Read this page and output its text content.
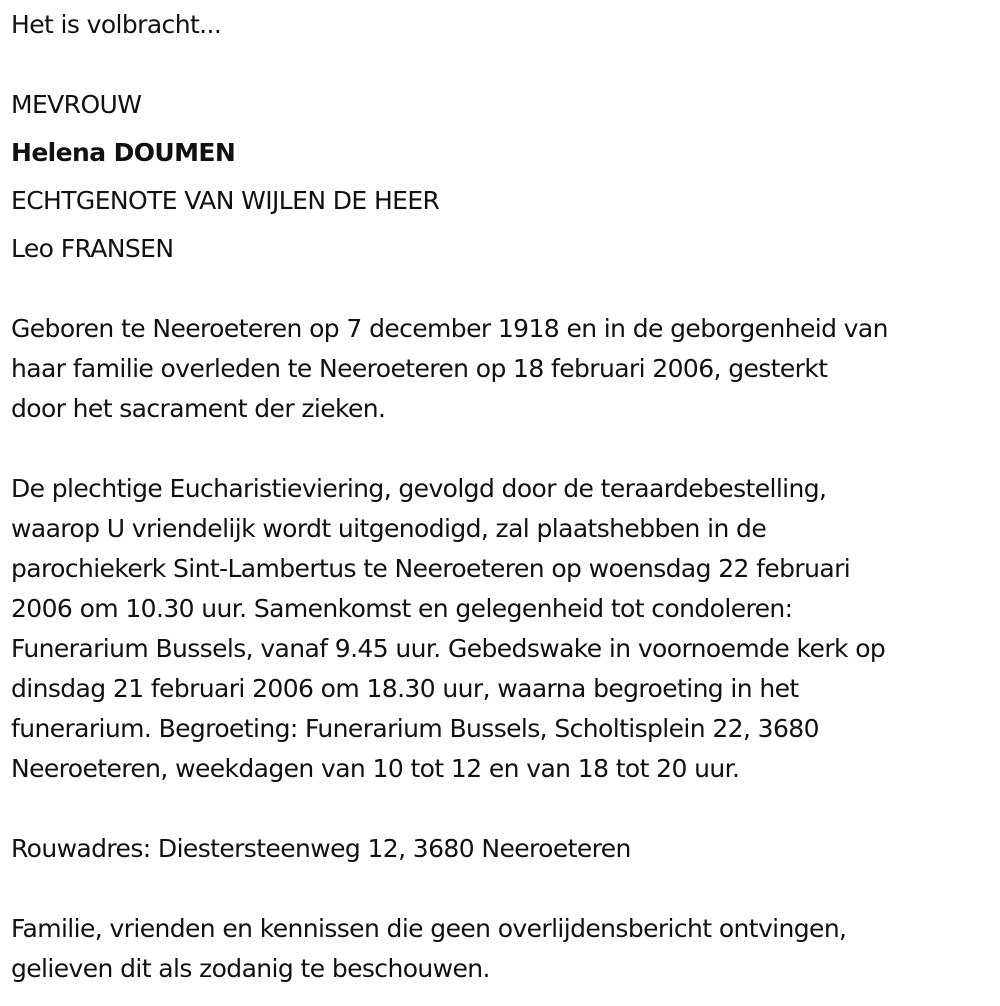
Het is volbracht...
MEVROUW
Helena DOUMEN
ECHTGENOTE VAN WIJLEN DE HEER
Leo FRANSEN
Geboren te Neeroeteren op 7 december 1918 en in de geborgenheid van
haar familie overleden te Neeroeteren op 18 februari 2006, gesterkt
door het sacrament der zieken.
De plechtige Eucharistieviering, gevolgd door de teraardebestelling,
waarop U vriendelijk wordt uitgenodigd, zal plaatshebben in de
parochiekerk Sint-Lambertus te Neeroeteren op woensdag 22 februari
2006 om 10.30 uur. Samenkomst en gelegenheid tot condoleren:
Funerarium Bussels, vanaf 9.45 uur. Gebedswake in voornoemde kerk op
dinsdag 21 februari 2006 om 18.30 uur, waarna begroeting in het
funerarium. Begroeting: Funerarium Bussels, Scholtisplein 22, 3680
Neeroeteren, weekdagen van 10 tot 12 en van 18 tot 20 uur.
Rouwadres: Diestersteenweg 12, 3680 Neeroeteren
Familie, vrienden en kennissen die geen overlijdensbericht ontvingen,
gelieven dit als zodanig te beschouwen.
